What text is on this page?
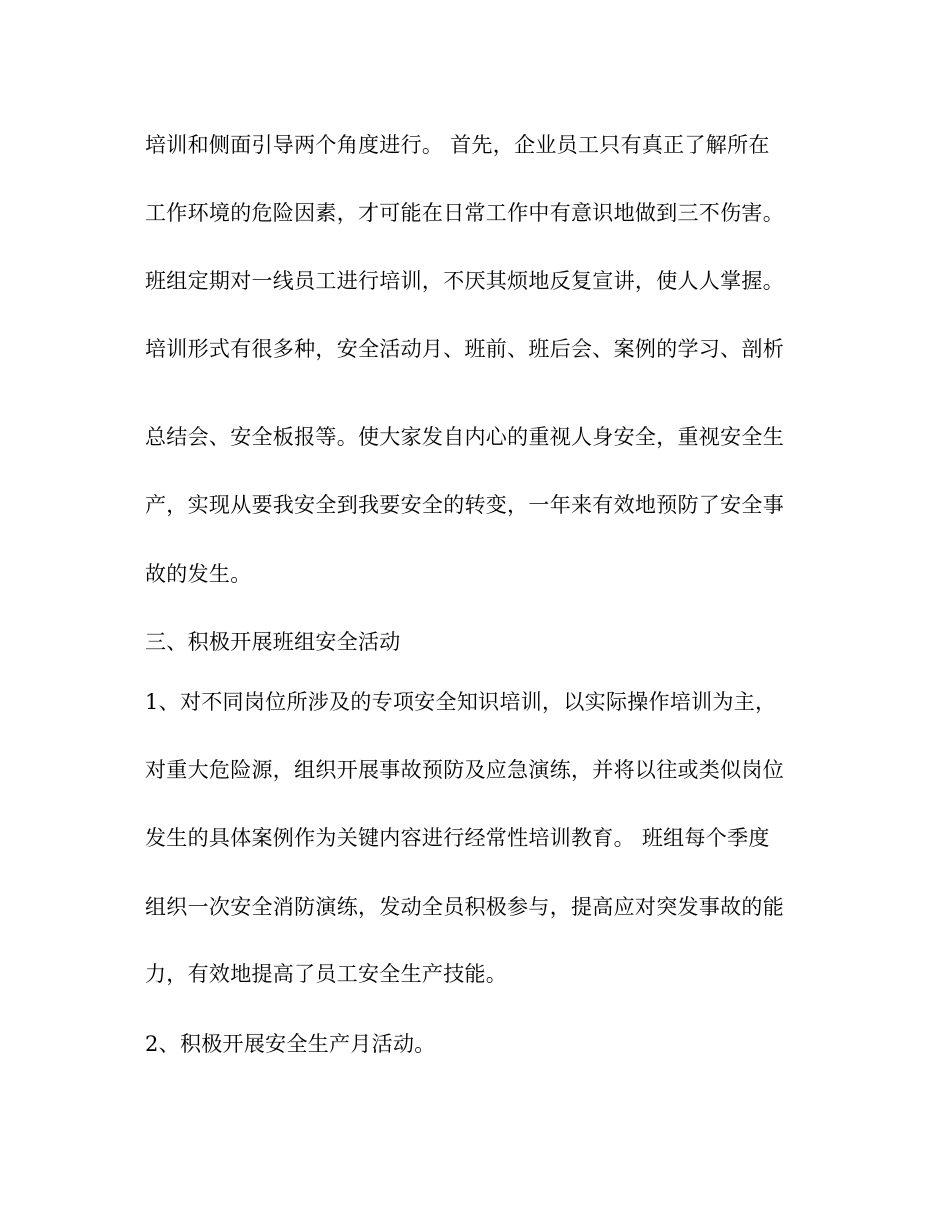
培训和侧面引导两个角度进行。 首先，企业员工只有真正了解所在
工作环境的危险因素，才可能在日常工作中有意识地做到三不伤害。
班组定期对一线员工进行培训，不厌其烦地反复宣讲，使人人掌握。
培训形式有很多种，安全活动月、班前、班后会、案例的学习、剖析
总结会、安全板报等。使大家发自内心的重视人身安全，重视安全生
产，实现从要我安全到我要安全的转变，一年来有效地预防了安全事
故的发生。
三、积极开展班组安全活动
1、对不同岗位所涉及的专项安全知识培训，以实际操作培训为主，
对重大危险源，组织开展事故预防及应急演练，并将以往或类似岗位
发生的具体案例作为关键内容进行经常性培训教育。 班组每个季度
组织一次安全消防演练，发动全员积极参与，提高应对突发事故的能
力，有效地提高了员工安全生产技能。
2、积极开展安全生产月活动。
